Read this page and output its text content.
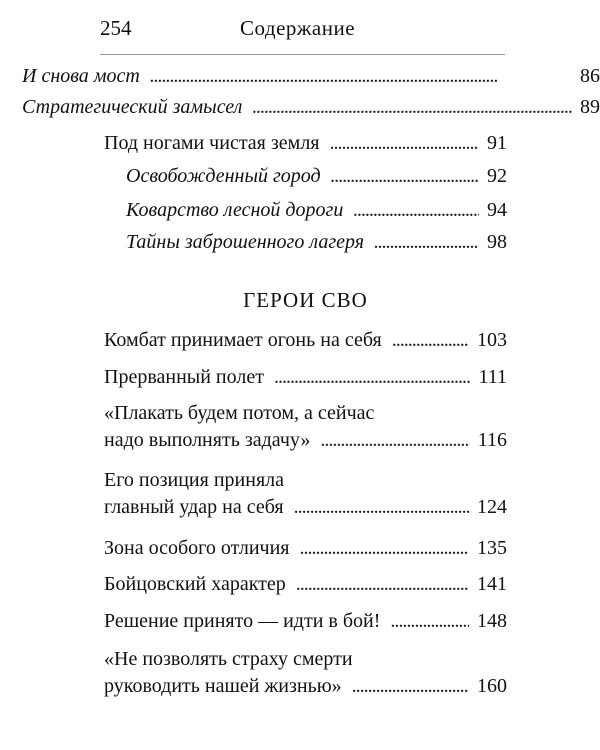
254	Содержание
И снова мост . . .	86
Стратегический замысел . . .	89
Под ногами чистая земля . . .	91
Освобожденный город . . .	92
Коварство лесной дороги . . .	94
Тайны заброшенного лагеря . . .	98
ГЕРОИ СВО
Комбат принимает огонь на себя . . .	103
Прерванный полет . . .	111
«Плакать будем потом, а сейчас
надо выполнять задачу» . . .	116
Его позиция приняла
главный удар на себя . . .	124
Зона особого отличия . . .	135
Бойцовский характер . . .	141
Решение принято — идти в бой! . . .	148
«Не позволять страху смерти
руководить нашей жизнью» . . .	160
